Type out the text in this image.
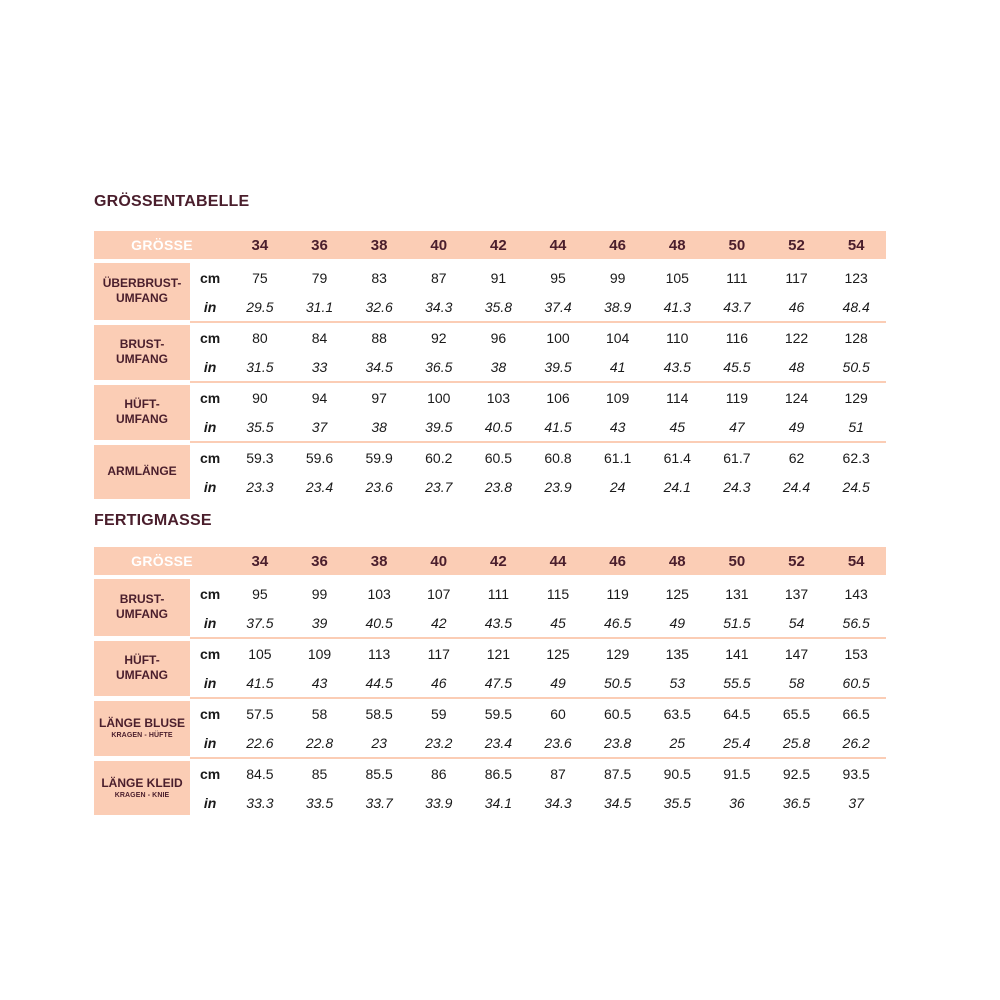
GRÖSSENTABELLE
GRÖSSE		34	36	38	40	42	44	46	48	50	52	54

ÜBERBRUST-
UMFANG	cm	75	79	83	87	91	95	99	105	111	117	123
	in	29.5	31.1	32.6	34.3	35.8	37.4	38.9	41.3	43.7	46	48.4

BRUST-
UMFANG	cm	80	84	88	92	96	100	104	110	116	122	128
	in	31.5	33	34.5	36.5	38	39.5	41	43.5	45.5	48	50.5

HÜFT-
UMFANG	cm	90	94	97	100	103	106	109	114	119	124	129
	in	35.5	37	38	39.5	40.5	41.5	43	45	47	49	51

ARMLÄNGE	cm	59.3	59.6	59.9	60.2	60.5	60.8	61.1	61.4	61.7	62	62.3
	in	23.3	23.4	23.6	23.7	23.8	23.9	24	24.1	24.3	24.4	24.5
FERTIGMASSE
GRÖSSE		34	36	38	40	42	44	46	48	50	52	54

BRUST-
UMFANG	cm	95	99	103	107	111	115	119	125	131	137	143
	in	37.5	39	40.5	42	43.5	45	46.5	49	51.5	54	56.5

HÜFT-
UMFANG	cm	105	109	113	117	121	125	129	135	141	147	153
	in	41.5	43	44.5	46	47.5	49	50.5	53	55.5	58	60.5

LÄNGE BLUSE
KRAGEN - HÜFTE	cm	57.5	58	58.5	59	59.5	60	60.5	63.5	64.5	65.5	66.5
	in	22.6	22.8	23	23.2	23.4	23.6	23.8	25	25.4	25.8	26.2

LÄNGE KLEID
KRAGEN - KNIE	cm	84.5	85	85.5	86	86.5	87	87.5	90.5	91.5	92.5	93.5
	in	33.3	33.5	33.7	33.9	34.1	34.3	34.5	35.5	36	36.5	37
